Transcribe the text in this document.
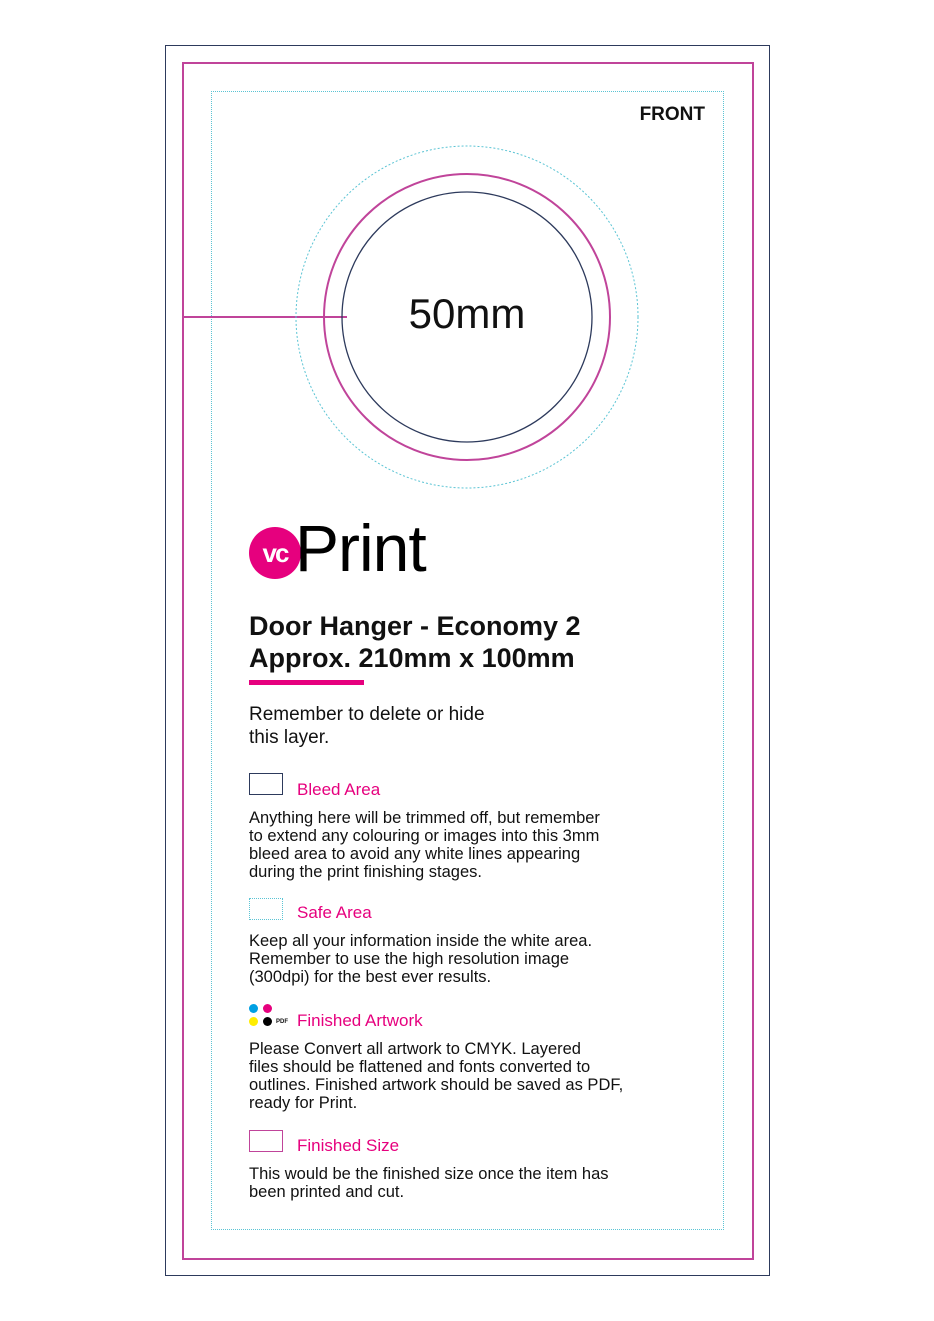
FRONT
50mm
vc Print
Door Hanger - Economy 2
Approx. 210mm x 100mm
Remember to delete or hide
this layer.
Bleed Area
Anything here will be trimmed off, but remember
to extend any colouring or images into this 3mm
bleed area to avoid any white lines appearing
during the print finishing stages.
Safe Area
Keep all your information inside the white area.
Remember to use the high resolution image
(300dpi) for the best ever results.
PDF Finished Artwork
Please Convert all artwork to CMYK. Layered
files should be flattened and fonts converted to
outlines. Finished artwork should be saved as PDF,
ready for Print.
Finished Size
This would be the finished size once the item has
been printed and cut.
